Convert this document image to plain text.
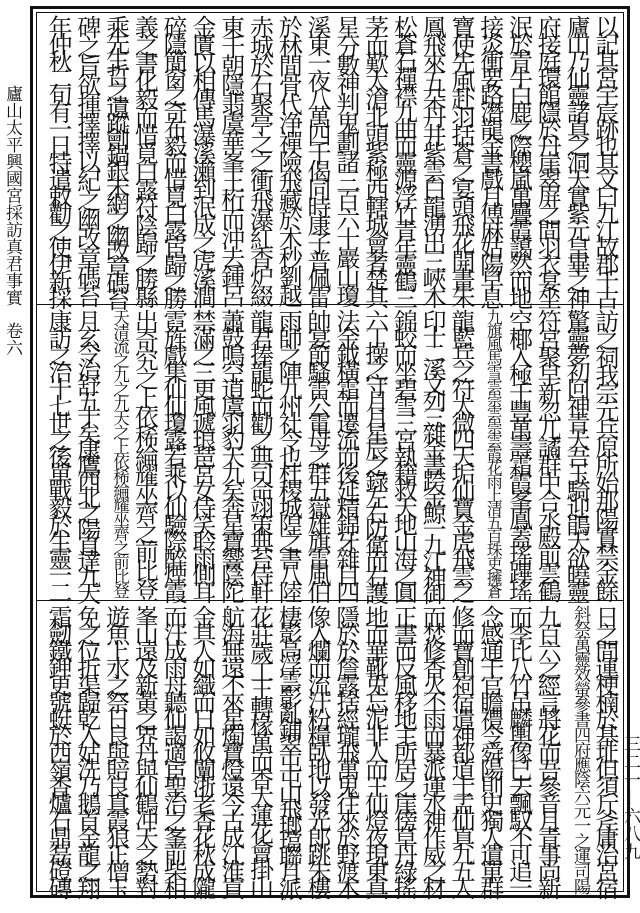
廬山太平興國宮採訪真君事實卷六
三二一—六八九
以記其宮宇宸跡也其文曰九江故郡千古
廬山乃仙靈諸真之洞天實紫元皇畢之神
府接庭環館隱於丹崖翠屏之間羽衣宴坐
泯於青牛白鹿之際櫻嵐萬疊霞藹然而地
接炎衝要路潛龍金書戲月傅麻姑陽早息
寶使先風赴羽括蒼之宴頭飛花開畫朱
鳳飛來五朵丹井紫雲白龍湧出三峽木
松蒼石禪襟九曲而靈源浮竹青年靈鶴三
茅而歎太滄北頭紫極西轄城會奢楚其
星分數神判鬼劃諸三百六十巖山瓊
溪東一夜八萬四千偈同時康子普佩雷
於林間骨代浄禪險飛藏於木秒劉越
赤城於石聚亭之之衝飛瀑紅香炉綴
東千朝隱翡虞華峯王桁而沖去鍾呂
金匱以相傳馬瀑溪瀨到泯成之虎溪澗
碎隱簡窗之奇布毅而惜覓白露宦歸之勝
義之書化毅而惜覓白露符陰歸之勝縣
乘先生哲之遺蹤劊鍋銀未網之幽改章碼苔
碑之旨欲揮擇擇以紀之幽改章碼苔
年仲秋二旬有一日特遣敕勸之使伊新採
訪之祠我宗元兵原所始那陽實禁金餘
驚靈夢初回神青天吾玉騎迎鵑天欲曉靈
符宮聚早新忽兀譎群中合丞殿前雲鶴
空椰入極千豐萬壽霜霞峯鳳蓋瑤蹕瑤
九旗風馬雪雲崇雲崇雲霞花雨上清五百珠吏擁蒼
龍藍兵之符太微四天垢仙寶金虎飛雲之
印十二溪文列三雜金書跨金鯨一九江神御
錦蛟而坐碧雪三宮執籍救天地山海之圓
六丁操之守月月星辰之錄左右防衛而右護
法金鉞橫霜而遷流而後延精錦牙雜目四
帥宴節騷雷公電母之群五嶽雄旗雷風伯
雨師之陣九州社令也杜稷城隍之書八陸
龍君捧龍蛇而勸之典司命翊策典苔侍軒
蕭鼓鳴空逍虞羽豹天九矣奔星寶響陰陀
禁滿之三更風遞琅琶宮女侍笑聆雨側耳
霓旌戲集仙仙瓊露若乘以仙驗際醉煙霞
出奇究之上依稀綸耀巫齊之前比登
天清流之九之九天之上依稀綸耀巫齊之前比登
月玄令治舒五十矣康鷹西北之陽直達九天
康訪之治十七世之後單戰毅於生靈一二
日之間運梗楠於基址但須斤斧庸治宮宿
斜祭萬靈效螢參書四府應陰六元一之運司陽
九百六之經言將花而吾參音月青事尚新
而李比八竹吊麟輿像已去飄馭不可追一
念感通千官瞻禮令舜陽則史獨人遺單群
修而寶創祠宿遣神都道士孟仙真九五人
而焚修香火不雨而暴派運水神作威之材
正書而反風移地主所居之崖傍草丹綠搖
地而華靴兎忘泥非人而王仙燈夜現東真
隱於於詹露捨經瓏飛萬鬼往來於野渡木
像入爛而流汗粉糧臥地以發光郎跳朱樓
棲影高浮雲影亂鋪翠屯屯山飛瑯璫聯月派
花莊歲工王轉椽萬而香大蓮花會掛山
航海無遠不來星燭寶燈遠今古成江淮貢
金具人如織而日如攸闡浙老香花秋成隴
而汗成雨舟聽仙謁適宦聖治之峯前柴相
峯山遠及新黃之界丹與仙鶴冲天之勢對
遊魚上水之祭日良與賠良真霞狼正僧玉
免之位折渠歸乾入姑洗乃鵝首金龍之翔
霜劒鐵鉀更號蜓於西嶺香爐石鼎磊磴磚
